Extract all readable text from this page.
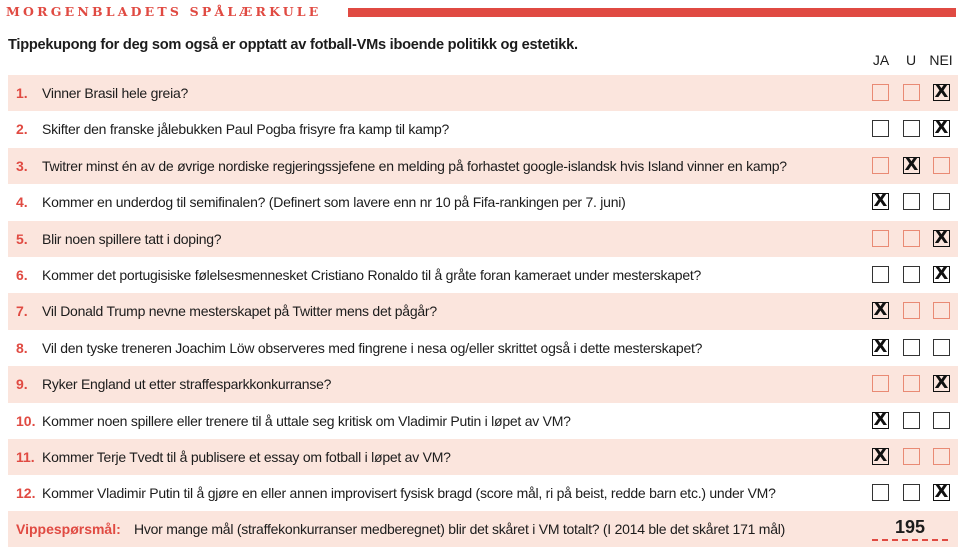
MORGENBLADETS SPÅLÆRKULE
Tippekupong for deg som også er opptatt av fotball-VMs iboende politikk og estetikk.
JA	U NEI
1. Vinner Brasil hele greia?
X
2. Skifter den franske jålebukken Paul Pogba frisyre fra kamp til kamp?
X
3. Twitrer minst én av de øvrige nordiske regjeringssjefene en melding på forhastet google-islandsk hvis Island vinner en kamp?
X
4. Kommer en underdog til semifinalen? (Definert som lavere enn nr 10 på Fifa-rankingen per 7. juni)
X
5. Blir noen spillere tatt i doping?
X
6. Kommer det portugisiske følelsesmennesket Cristiano Ronaldo til å gråte foran kameraet under mesterskapet?
X
7. Vil Donald Trump nevne mesterskapet på Twitter mens det pågår?
X
8. Vil den tyske treneren Joachim Löw observeres med fingrene i nesa og/eller skrittet også i dette mesterskapet?
X
9. Ryker England ut etter straffesparkkonkurranse?
X
10. Kommer noen spillere eller trenere til å uttale seg kritisk om Vladimir Putin i løpet av VM?
X
11. Kommer Terje Tvedt til å publisere et essay om fotball i løpet av VM?
X
12. Kommer Vladimir Putin til å gjøre en eller annen improvisert fysisk bragd (score mål, ri på beist, redde barn etc.) under VM?
X
Vippespørsmål: Hvor mange mål (straffekonkurranser medberegnet) blir det skåret i VM totalt? (I 2014 ble det skåret 171 mål)	195
